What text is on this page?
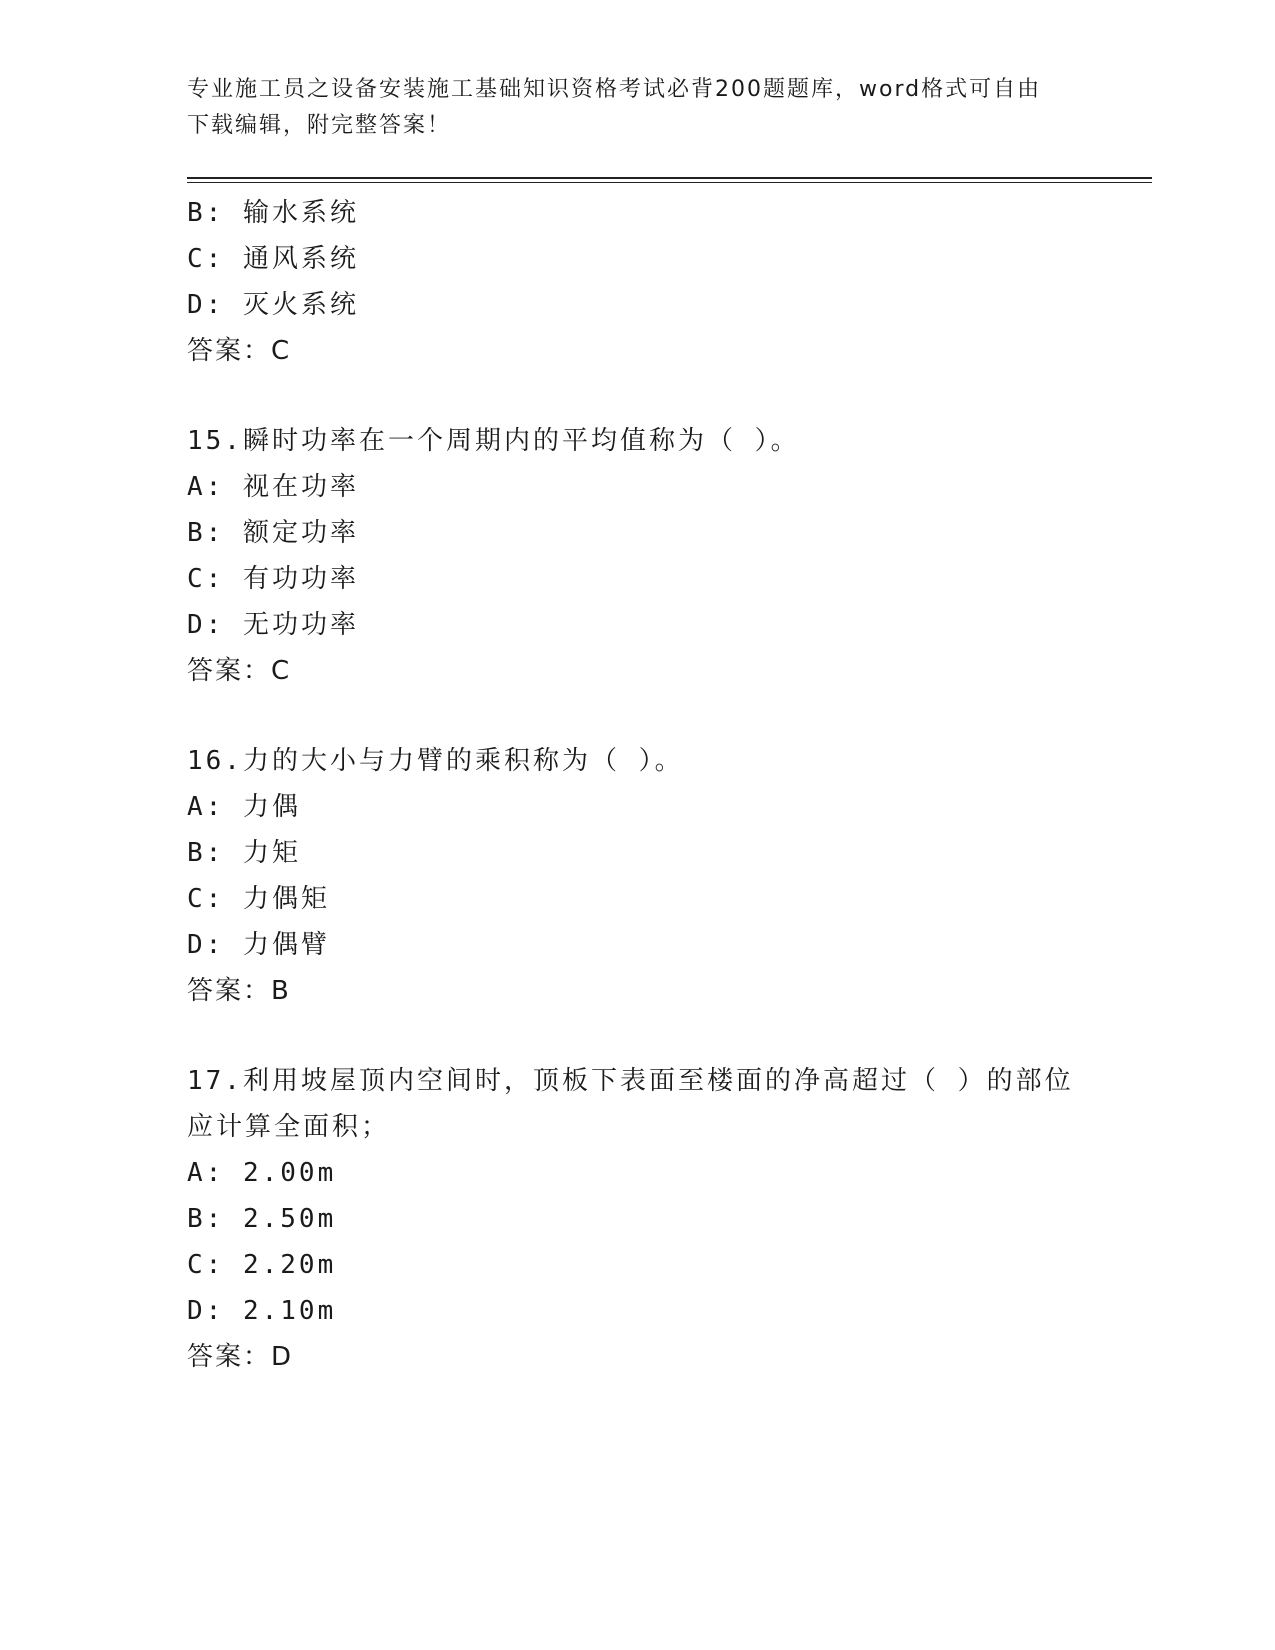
专业施工员之设备安装施工基础知识资格考试必背200题题库，word格式可自由
下载编辑，附完整答案！
B: 输水系统
C: 通风系统
D: 灭火系统
答案：C
15.瞬时功率在一个周期内的平均值称为（ ）。
A: 视在功率
B: 额定功率
C: 有功功率
D: 无功功率
答案：C
16.力的大小与力臂的乘积称为（ ）。
A: 力偶
B: 力矩
C: 力偶矩
D: 力偶臂
答案：B
17.利用坡屋顶内空间时，顶板下表面至楼面的净高超过（ ）的部位
应计算全面积；
A: 2.00m
B: 2.50m
C: 2.20m
D: 2.10m
答案：D
